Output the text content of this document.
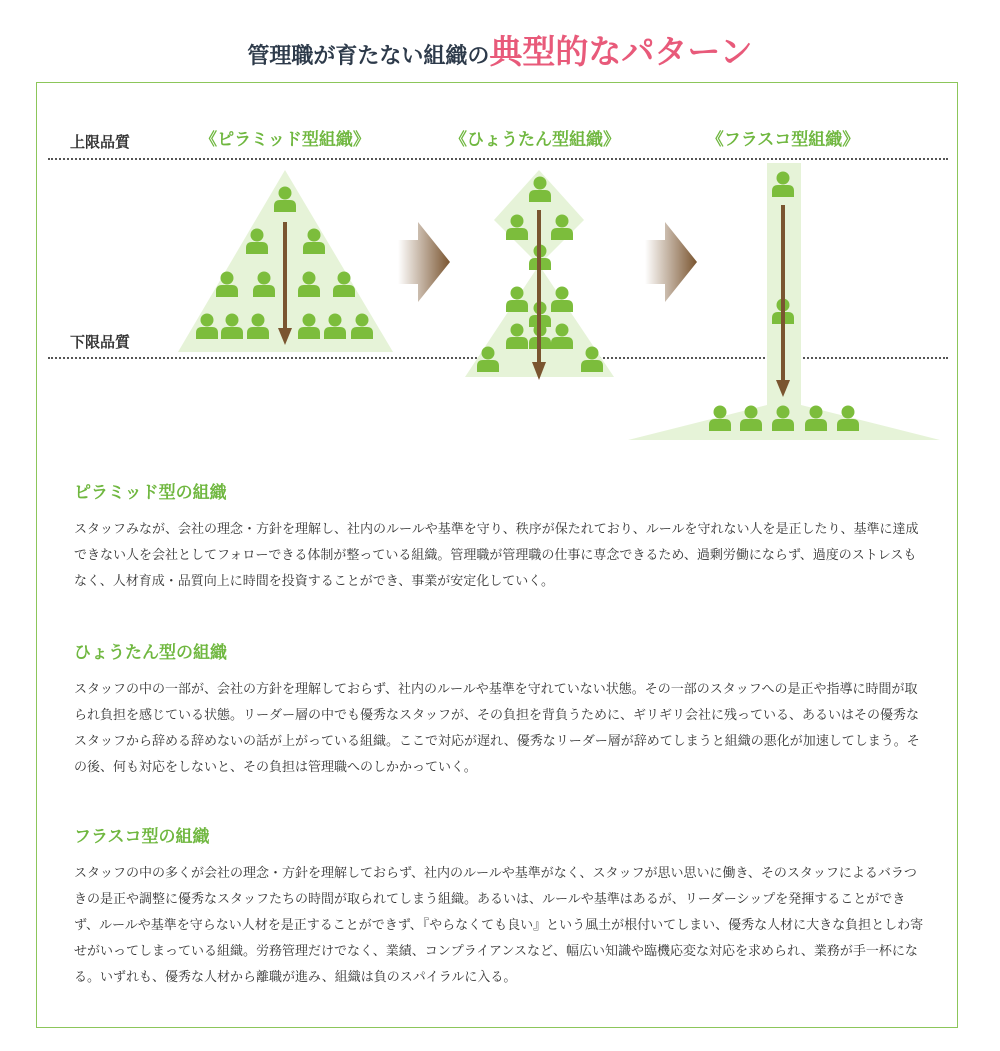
管理職が育たない組織の典型的なパターン
上限品質
下限品質
《ピラミッド型組織》	《ひょうたん型組織》	《フラスコ型組織》
ピラミッド型の組織

スタッフみなが、会社の理念・方針を理解し、社内のルールや基準を守り、秩序が保たれており、ルールを守れない人を是正したり、基準に達成できない人を会社としてフォローできる体制が整っている組織。管理職が管理職の仕事に専念できるため、過剰労働にならず、過度のストレスもなく、人材育成・品質向上に時間を投資することができ、事業が安定化していく。

ひょうたん型の組織

スタッフの中の一部が、会社の方針を理解しておらず、社内のルールや基準を守れていない状態。その一部のスタッフへの是正や指導に時間が取られ負担を感じている状態。リーダー層の中でも優秀なスタッフが、その負担を背負うために、ギリギリ会社に残っている、あるいはその優秀なスタッフから辞める辞めないの話が上がっている組織。ここで対応が遅れ、優秀なリーダー層が辞めてしまうと組織の悪化が加速してしまう。その後、何も対応をしないと、その負担は管理職へのしかかっていく。

フラスコ型の組織

スタッフの中の多くが会社の理念・方針を理解しておらず、社内のルールや基準がなく、スタッフが思い思いに働き、そのスタッフによるバラつきの是正や調整に優秀なスタッフたちの時間が取られてしまう組織。あるいは、ルールや基準はあるが、リーダーシップを発揮することができず、ルールや基準を守らない人材を是正することができず、『やらなくても良い』という風土が根付いてしまい、優秀な人材に大きな負担としわ寄せがいってしまっている組織。労務管理だけでなく、業績、コンプライアンスなど、幅広い知識や臨機応変な対応を求められ、業務が手一杯になる。いずれも、優秀な人材から離職が進み、組織は負のスパイラルに入る。
